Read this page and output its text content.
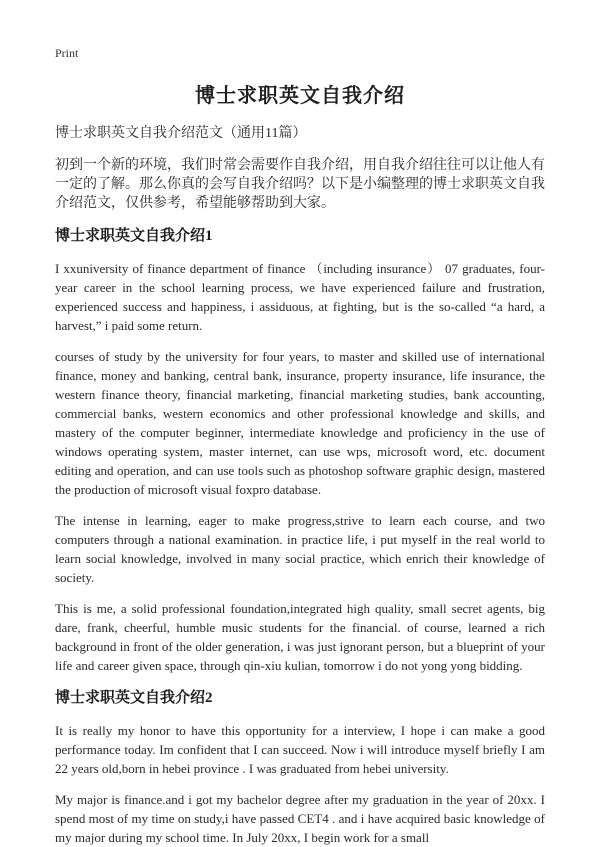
Print
博士求职英文自我介绍

博士求职英文自我介绍范文（通用11篇）

初到一个新的环境，我们时常会需要作自我介绍，用自我介绍往往可以让他人有一定的了解。那么你真的会写自我介绍吗？以下是小编整理的博士求职英文自我介绍范文，仅供参考，希望能够帮助到大家。

博士求职英文自我介绍1

I xxuniversity of finance department of finance （including insurance） 07 graduates, four-year career in the school learning process, we have experienced failure and frustration, experienced success and happiness, i assiduous, at fighting, but is the so-called “a hard, a harvest,” i paid some return.

courses of study by the university for four years, to master and skilled use of international finance, money and banking, central bank, insurance, property insurance, life insurance, the western finance theory, financial marketing, financial marketing studies, bank accounting, commercial banks, western economics and other professional knowledge and skills, and mastery of the computer beginner, intermediate knowledge and proficiency in the use of windows operating system, master internet, can use wps, microsoft word, etc. document editing and operation, and can use tools such as photoshop software graphic design, mastered the production of microsoft visual foxpro database.

The intense in learning, eager to make progress,strive to learn each course, and two computers through a national examination. in practice life, i put myself in the real world to learn social knowledge, involved in many social practice, which enrich their knowledge of society.

This is me, a solid professional foundation,integrated high quality, small secret agents, big dare, frank, cheerful, humble music students for the financial. of course, learned a rich background in front of the older generation, i was just ignorant person, but a blueprint of your life and career given space, through qin-xiu kulian, tomorrow i do not yong yong bidding.

博士求职英文自我介绍2

It is really my honor to have this opportunity for a interview, I hope i can make a good performance today. Im confident that I can succeed. Now i will introduce myself briefly I am 22 years old,born in hebei province . I was graduated from hebei university.

My major is finance.and i got my bachelor degree after my graduation in the year of 20xx. I spend most of my time on study,i have passed CET4 . and i have acquired basic knowledge of my major during my school time. In July 20xx, I begin work for a small
